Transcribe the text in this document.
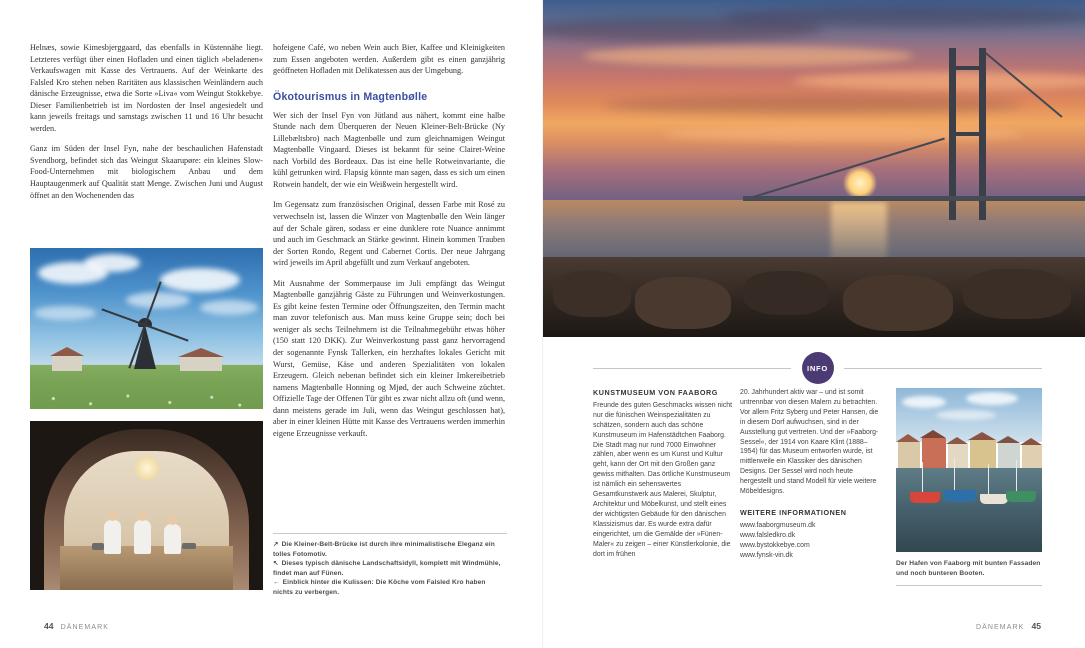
Helnæs, sowie Kimesbjerggaard, das ebenfalls in Küstennähe liegt. Letzteres verfügt über einen Hofladen und einen täglich »beladenen« Verkaufswagen mit Kasse des Vertrauens. Auf der Weinkarte des Falsled Kro stehen neben Raritäten aus klassischen Weinländern auch dänische Erzeugnisse, etwa die Sorte »Liva« vom Weingut Stokkebye. Dieser Familienbetrieb ist im Nordosten der Insel angesiedelt und kann jeweils freitags und samstags zwischen 11 und 16 Uhr besucht werden.

Ganz im Süden der Insel Fyn, nahe der beschaulichen Hafenstadt Svendborg, befindet sich das Weingut Skaarupøre: ein kleines Slow-Food-Unternehmen mit biologischem Anbau und dem Hauptaugenmerk auf Qualität statt Menge. Zwischen Juni und August öffnet an den Wochenenden das

hofeigene Café, wo neben Wein auch Bier, Kaffee und Kleinigkeiten zum Essen angeboten werden. Außerdem gibt es einen ganzjährig geöffneten Hofladen mit Delikatessen aus der Umgebung.

Ökotourismus in Magtenbølle

Wer sich der Insel Fyn von Jütland aus nähert, kommt eine halbe Stunde nach dem Überqueren der Neuen Kleiner-Belt-Brücke (Ny Lillebæltsbro) nach Magtenbølle und zum gleichnamigen Weingut Magtenbølle Vingaard. Dieses ist bekannt für seine Clairet-Weine nach Vorbild des Bordeaux. Das ist eine helle Rotweinvariante, die kühl getrunken wird. Flapsig könnte man sagen, dass es sich um einen Rotwein handelt, der wie ein Weißwein hergestellt wird.

Im Gegensatz zum französischen Original, dessen Farbe mit Rosé zu verwechseln ist, lassen die Winzer von Magtenbølle den Wein länger auf der Schale gären, sodass er eine dunklere rote Nuance annimmt und auch im Geschmack an Stärke gewinnt. Hinein kommen Trauben der Sorten Rondo, Regent und Cabernet Cortis. Der neue Jahrgang wird jeweils im April abgefüllt und zum Verkauf angeboten.

Mit Ausnahme der Sommerpause im Juli empfängt das Weingut Magtenbølle ganzjährig Gäste zu Führungen und Weinverkostungen. Es gibt keine festen Termine oder Öffnungszeiten, den Termin macht man zuvor telefonisch aus. Man muss keine Gruppe sein; doch bei weniger als sechs Teilnehmern ist die Teilnahmegebühr etwas höher (150 statt 120 DKK). Zur Weinverkostung passt ganz hervorragend der sogenannte Fynsk Tallerken, ein herzhaftes lokales Gericht mit Wurst, Gemüse, Käse und anderen Spezialitäten von lokalen Erzeugern. Gleich nebenan befindet sich ein kleiner Imkereibetrieb namens Magtenbølle Honning og Mjød, der auch Schweine züchtet. Offizielle Tage der Offenen Tür gibt es zwar nicht allzu oft (und wenn, dann meistens gerade im Juli, wenn das Weingut geschlossen hat), aber in einer kleinen Hütte mit Kasse des Vertrauens werden immerhin eigene Erzeugnisse verkauft.

↗ Die Kleiner-Belt-Brücke ist durch ihre minimalistische Eleganz ein tolles Fotomotiv.
↖ Dieses typisch dänische Landschaftsidyll, komplett mit Windmühle, findet man auf Fünen.
← Einblick hinter die Kulissen: Die Köche vom Falsled Kro haben nichts zu verbergen.
INFO
KUNSTMUSEUM VON FAABORG

Freunde des guten Geschmacks wissen nicht nur die fünischen Weinspezialitäten zu schätzen, sondern auch das schöne Kunstmuseum im Hafenstädtchen Faaborg. Die Stadt mag nur rund 7000 Einwohner zählen, aber wenn es um Kunst und Kultur geht, kann der Ort mit den Großen ganz gewiss mithalten. Das örtliche Kunstmuseum ist nämlich ein sehenswertes Gesamtkunstwerk aus Malerei, Skulptur, Architektur und Möbelkunst, und stellt eines der wichtigsten Gebäude für den dänischen Klassizismus dar. Es wurde extra dafür eingerichtet, um die Gemälde der »Fünen-Maler« zu zeigen – einer Künstlerkolonie, die dort im frühen

20. Jahrhundert aktiv war – und ist somit untrennbar von diesen Malern zu betrachten. Vor allem Fritz Syberg und Peter Hansen, die in diesem Dorf aufwuchsen, sind in der Ausstellung gut vertreten. Und der »Faaborg-Sessel«, der 1914 von Kaare Klint (1888–1954) für das Museum entworfen wurde, ist mittlerweile ein Klassiker des dänischen Designs. Der Sessel wird noch heute hergestellt und stand Modell für viele weitere Möbeldesigns.

WEITERE INFORMATIONEN
www.faaborgmuseum.dk
www.falsledkro.dk
www.bystokkebye.com
www.fynsk-vin.dk
Der Hafen von Faaborg mit bunten Fassaden und noch bunteren Booten.
44 DÄNEMARK	DÄNEMARK 45
